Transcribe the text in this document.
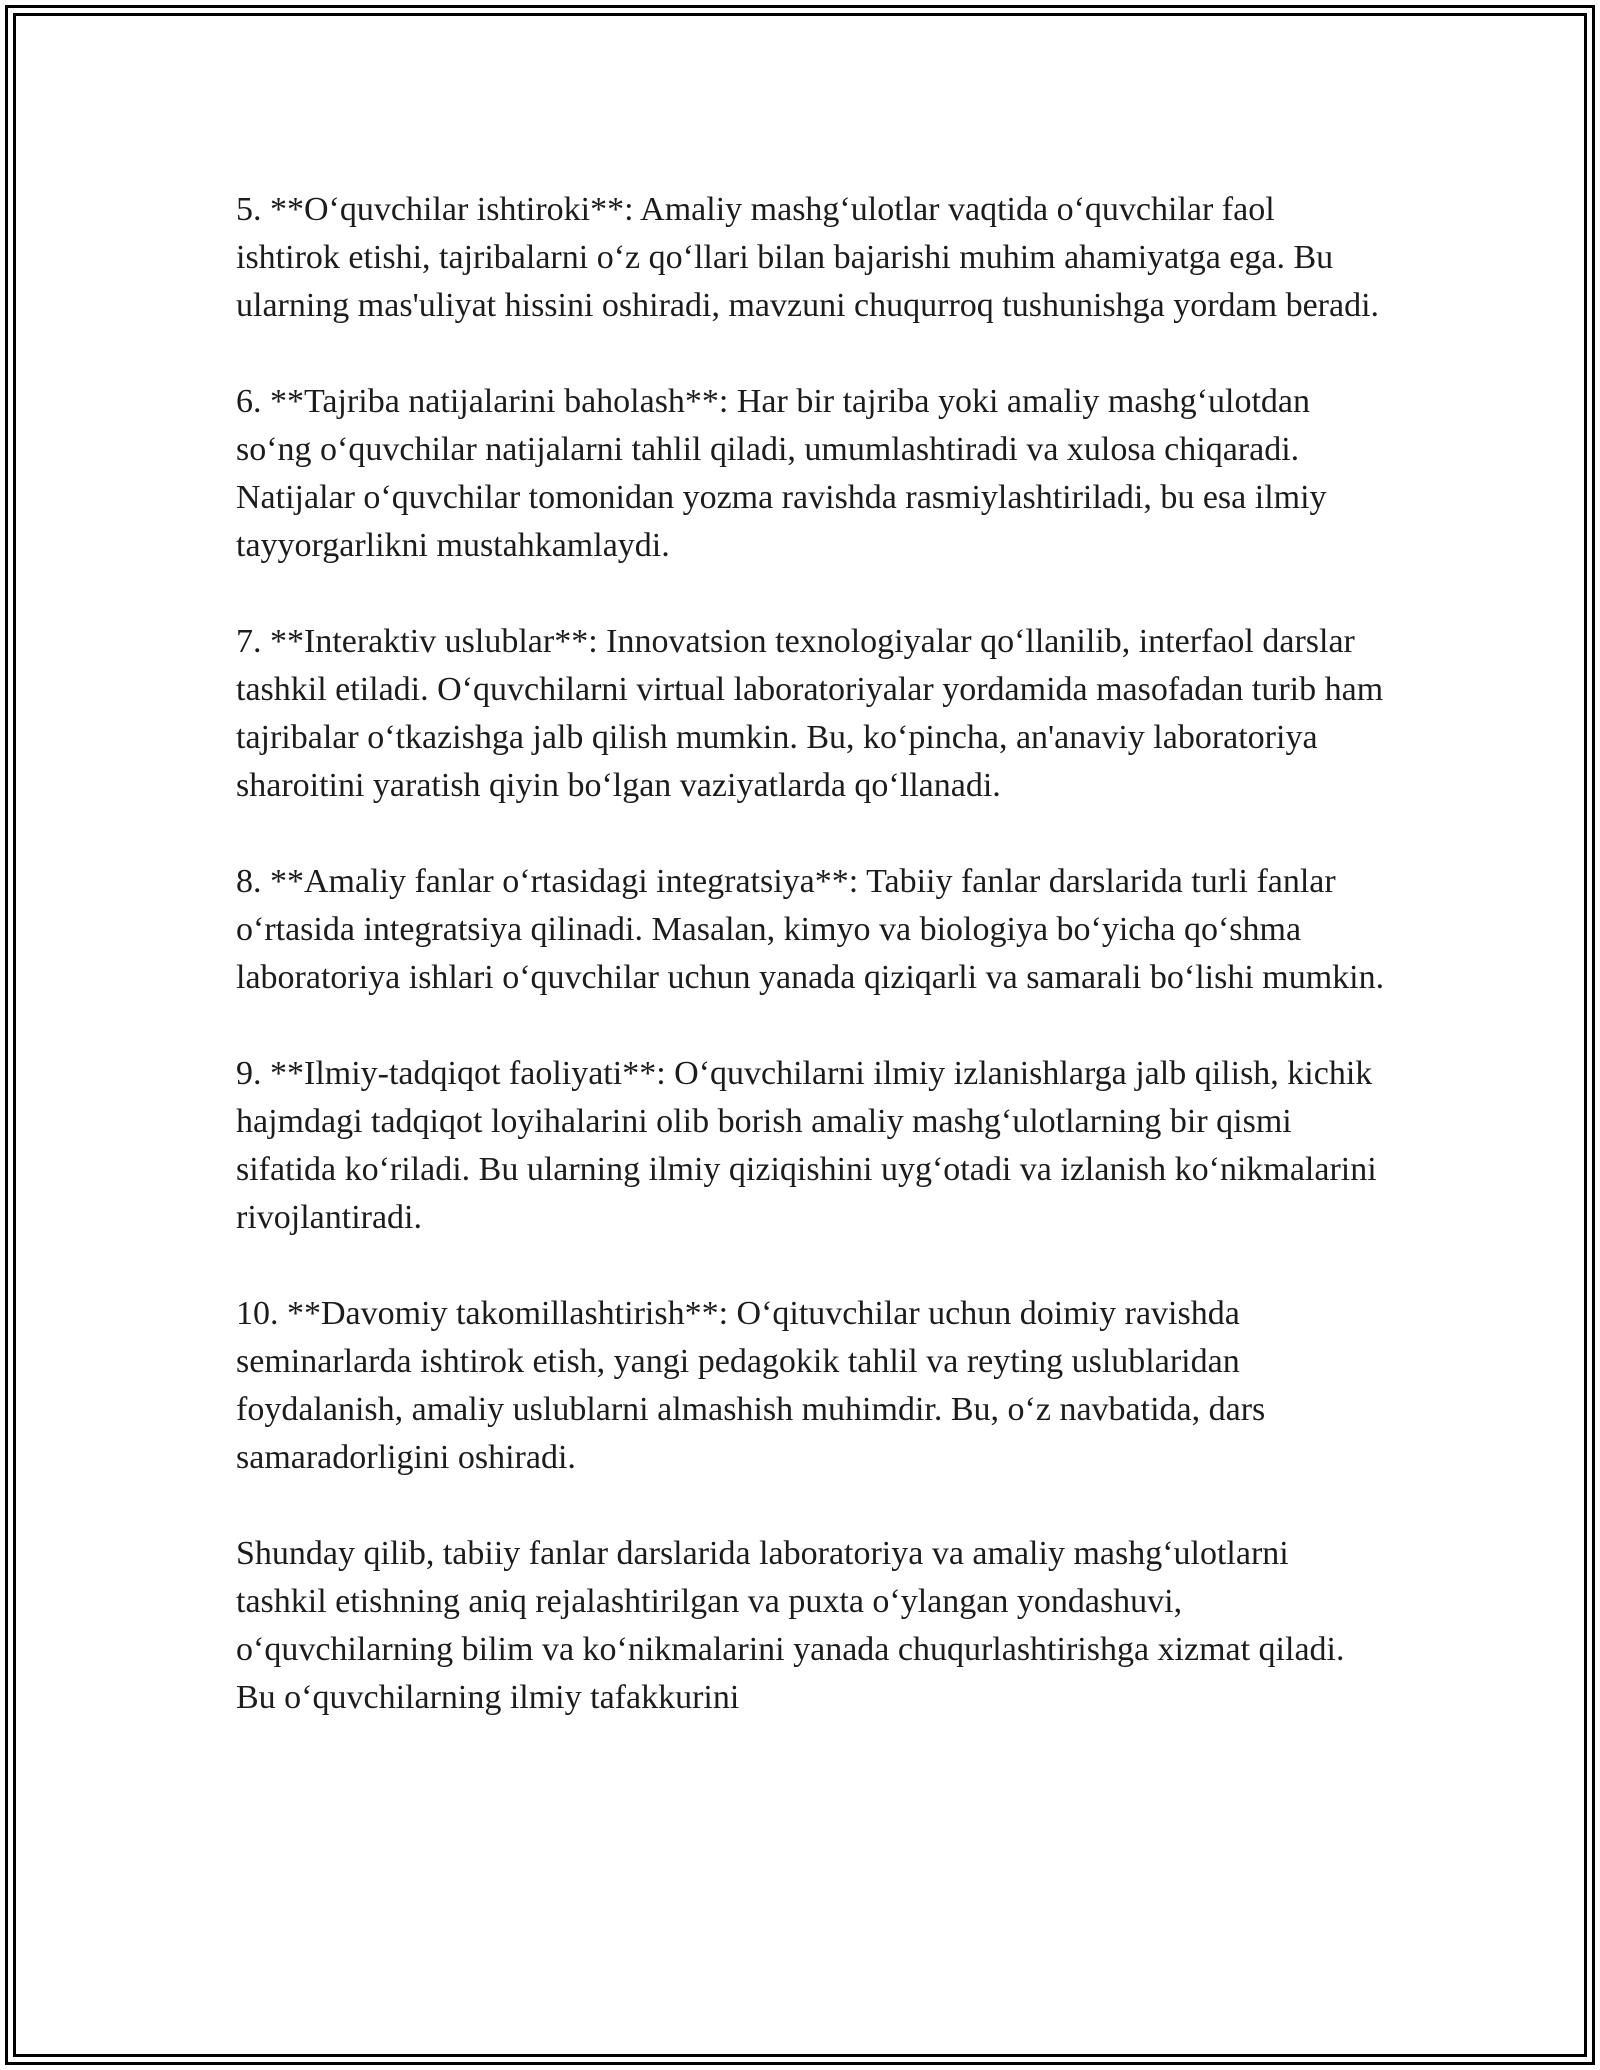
5. **O‘quvchilar ishtiroki**: Amaliy mashg‘ulotlar vaqtida o‘quvchilar faol ishtirok etishi, tajribalarni o‘z qo‘llari bilan bajarishi muhim ahamiyatga ega. Bu ularning mas'uliyat hissini oshiradi, mavzuni chuqurroq tushunishga yordam beradi.

6. **Tajriba natijalarini baholash**: Har bir tajriba yoki amaliy mashg‘ulotdan so‘ng o‘quvchilar natijalarni tahlil qiladi, umumlashtiradi va xulosa chiqaradi. Natijalar o‘quvchilar tomonidan yozma ravishda rasmiylashtiriladi, bu esa ilmiy tayyorgarlikni mustahkamlaydi.

7. **Interaktiv uslublar**: Innovatsion texnologiyalar qo‘llanilib, interfaol darslar tashkil etiladi. O‘quvchilarni virtual laboratoriyalar yordamida masofadan turib ham tajribalar o‘tkazishga jalb qilish mumkin. Bu, ko‘pincha, an'anaviy laboratoriya sharoitini yaratish qiyin bo‘lgan vaziyatlarda qo‘llanadi.

8. **Amaliy fanlar o‘rtasidagi integratsiya**: Tabiiy fanlar darslarida turli fanlar o‘rtasida integratsiya qilinadi. Masalan, kimyo va biologiya bo‘yicha qo‘shma laboratoriya ishlari o‘quvchilar uchun yanada qiziqarli va samarali bo‘lishi mumkin.

9. **Ilmiy-tadqiqot faoliyati**: O‘quvchilarni ilmiy izlanishlarga jalb qilish, kichik hajmdagi tadqiqot loyihalarini olib borish amaliy mashg‘ulotlarning bir qismi sifatida ko‘riladi. Bu ularning ilmiy qiziqishini uyg‘otadi va izlanish ko‘nikmalarini rivojlantiradi.

10. **Davomiy takomillashtirish**: O‘qituvchilar uchun doimiy ravishda seminarlarda ishtirok etish, yangi pedagokik tahlil va reyting uslublaridan foydalanish, amaliy uslublarni almashish muhimdir. Bu, o‘z navbatida, dars samaradorligini oshiradi.

Shunday qilib, tabiiy fanlar darslarida laboratoriya va amaliy mashg‘ulotlarni tashkil etishning aniq rejalashtirilgan va puxta o‘ylangan yondashuvi, o‘quvchilarning bilim va ko‘nikmalarini yanada chuqurlashtirishga xizmat qiladi. Bu o‘quvchilarning ilmiy tafakkurini
